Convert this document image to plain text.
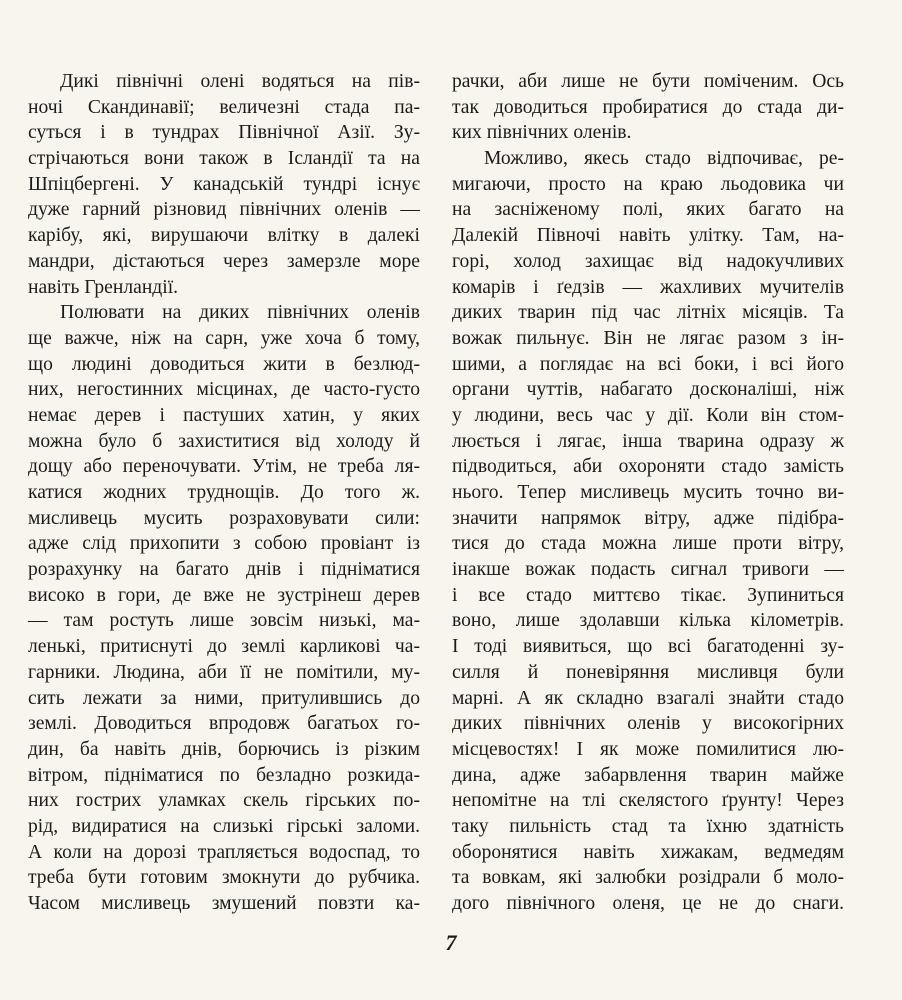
Дикі північні олені водяться на пів-
ночі Скандинавії; величезні стада па-
суться і в тундрах Північної Азії. Зу-
стрічаються вони також в Ісландії та на
Шпіцбергені. У канадській тундрі існує
дуже гарний різновид північних оленів —
карібу, які, вирушаючи влітку в далекі
мандри, дістаються через замерзле море
навіть Гренландії.
Полювати на диких північних оленів
ще важче, ніж на сарн, уже хоча б тому,
що людині доводиться жити в безлюд-
них, негостинних місцинах, де часто-густо
немає дерев і пастуших хатин, у яких
можна було б захиститися від холоду й
дощу або переночувати. Утім, не треба ля-
катися жодних труднощів. До того ж.
мисливець мусить розраховувати сили:
адже слід прихопити з собою провіант із
розрахунку на багато днів і підніматися
високо в гори, де вже не зустрінеш дерев
— там ростуть лише зовсім низькі, ма-
ленькі, притиснуті до землі карликові ча-
гарники. Людина, аби її не помітили, му-
сить лежати за ними, притулившись до
землі. Доводиться впродовж багатьох го-
дин, ба навіть днів, борючись із різким
вітром, підніматися по безладно розкида-
них гострих уламках скель гірських по-
рід, видиратися на слизькі гірські заломи.
А коли на дорозі трапляється водоспад, то
треба бути готовим змокнути до рубчика.
Часом мисливець змушений повзти ка-
рачки, аби лише не бути поміченим. Ось
так доводиться пробиратися до стада ди-
ких північних оленів.
Можливо, якесь стадо відпочиває, ре-
мигаючи, просто на краю льодовика чи
на засніженому полі, яких багато на
Далекій Півночі навіть улітку. Там, на-
горі, холод захищає від надокучливих
комарів і ґедзів — жахливих мучителів
диких тварин під час літніх місяців. Та
вожак пильнує. Він не лягає разом з ін-
шими, а поглядає на всі боки, і всі його
органи чуттів, набагато досконаліші, ніж
у людини, весь час у дії. Коли він стом-
люється і лягає, інша тварина одразу ж
підводиться, аби охороняти стадо замість
нього. Тепер мисливець мусить точно ви-
значити напрямок вітру, адже підібра-
тися до стада можна лише проти вітру,
інакше вожак подасть сигнал тривоги —
і все стадо миттєво тікає. Зупиниться
воно, лише здолавши кілька кілометрів.
І тоді виявиться, що всі багатоденні зу-
силля й поневіряння мисливця були
марні. А як складно взагалі знайти стадо
диких північних оленів у високогірних
місцевостях! І як може помилитися лю-
дина, адже забарвлення тварин майже
непомітне на тлі скелястого ґрунту! Через
таку пильність стад та їхню здатність
оборонятися навіть хижакам, ведмедям
та вовкам, які залюбки розідрали б моло-
дого північного оленя, це не до снаги.
7
